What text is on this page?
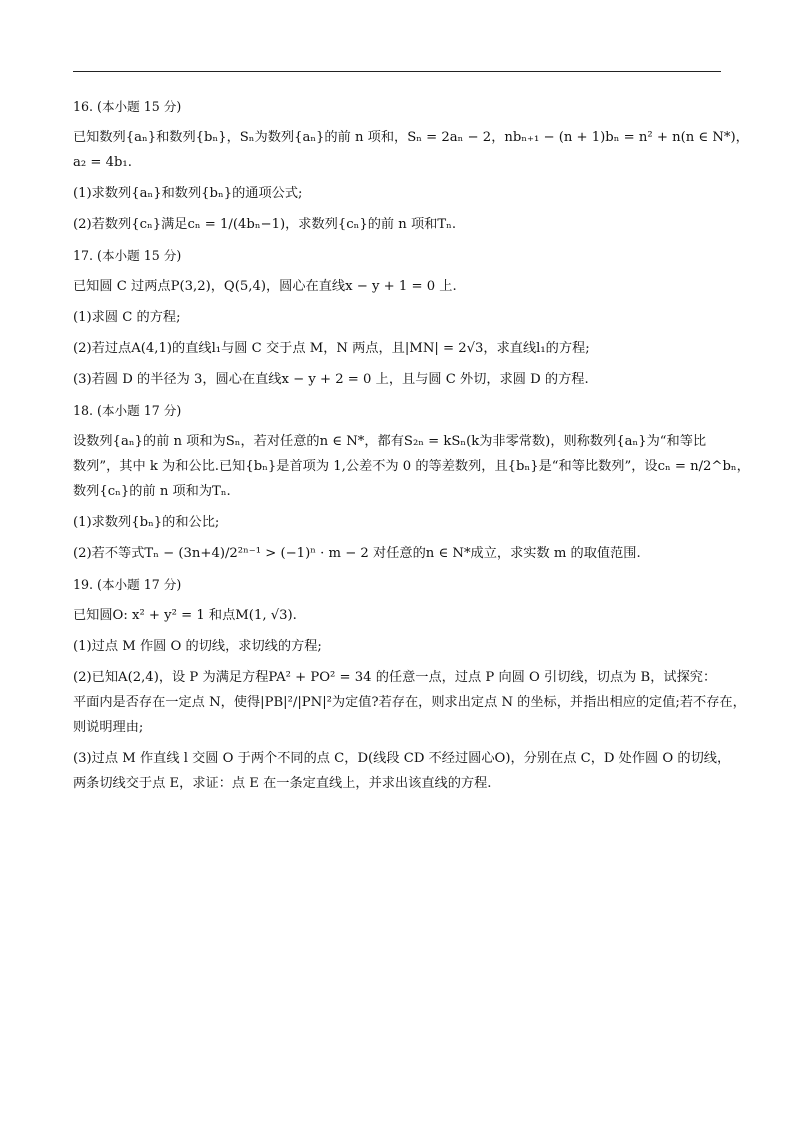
16. (本小题 15 分)
已知数列{aₙ}和数列{bₙ}，Sₙ为数列{aₙ}的前 n 项和，Sₙ = 2aₙ − 2，nbₙ₊₁ − (n + 1)bₙ = n² + n(n ∈ N*)，
a₂ = 4b₁.
(1)求数列{aₙ}和数列{bₙ}的通项公式;
(2)若数列{cₙ}满足cₙ = 1/(4bₙ−1)，求数列{cₙ}的前 n 项和Tₙ.
17. (本小题 15 分)
已知圆 C 过两点P(3,2)，Q(5,4)，圆心在直线x − y + 1 = 0 上.
(1)求圆 C 的方程;
(2)若过点A(4,1)的直线l₁与圆 C 交于点 M，N 两点，且|MN| = 2√3，求直线l₁的方程;
(3)若圆 D 的半径为 3，圆心在直线x − y + 2 = 0 上，且与圆 C 外切，求圆 D 的方程.
18. (本小题 17 分)
设数列{aₙ}的前 n 项和为Sₙ，若对任意的n ∈ N*，都有S₂ₙ = kSₙ(k为非零常数)，则称数列{aₙ}为“和等比
数列”，其中 k 为和公比.已知{bₙ}是首项为 1,公差不为 0 的等差数列，且{bₙ}是“和等比数列”，设cₙ = n/2^bₙ，
数列{cₙ}的前 n 项和为Tₙ.
(1)求数列{bₙ}的和公比;
(2)若不等式Tₙ − (3n+4)/2²ⁿ⁻¹ > (−1)ⁿ · m − 2 对任意的n ∈ N*成立，求实数 m 的取值范围.
19. (本小题 17 分)
已知圆O: x² + y² = 1 和点M(1, √3).
(1)过点 M 作圆 O 的切线，求切线的方程;
(2)已知A(2,4)，设 P 为满足方程PA² + PO² = 34 的任意一点，过点 P 向圆 O 引切线，切点为 B，试探究：
平面内是否存在一定点 N，使得|PB|²/|PN|²为定值?若存在，则求出定点 N 的坐标，并指出相应的定值;若不存在，
则说明理由;
(3)过点 M 作直线 l 交圆 O 于两个不同的点 C，D(线段 CD 不经过圆心O)，分别在点 C，D 处作圆 O 的切线，
两条切线交于点 E，求证：点 E 在一条定直线上，并求出该直线的方程.
